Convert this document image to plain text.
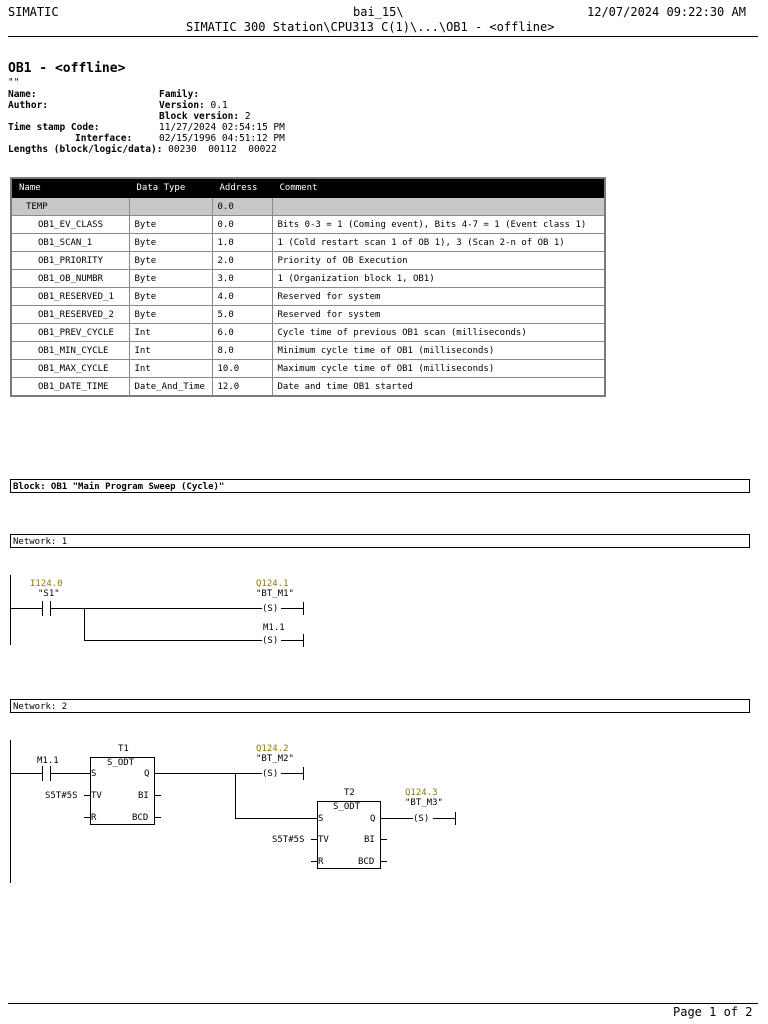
SIMATIC	bai_15\
SIMATIC 300 Station\CPU313 C(1)\...\OB1 - <offline>
12/07/2024 09:22:30 AM
OB1 - <offline>
""
Name:	Family:
Author:	Version: 0.1
Block version: 2
Time stamp Code:	11/27/2024 02:54:15 PM
Interface:	02/15/1996 04:51:12 PM
Lengths (block/logic/data): 00230  00112  00022
Name	Data Type	Address	Comment
TEMP		0.0	
OB1_EV_CLASS	Byte	0.0	Bits 0-3 = 1 (Coming event), Bits 4-7 = 1 (Event class 1)
OB1_SCAN_1	Byte	1.0	1 (Cold restart scan 1 of OB 1), 3 (Scan 2-n of OB 1)
OB1_PRIORITY	Byte	2.0	Priority of OB Execution
OB1_OB_NUMBR	Byte	3.0	1 (Organization block 1, OB1)
OB1_RESERVED_1	Byte	4.0	Reserved for system
OB1_RESERVED_2	Byte	5.0	Reserved for system
OB1_PREV_CYCLE	Int	6.0	Cycle time of previous OB1 scan (milliseconds)
OB1_MIN_CYCLE	Int	8.0	Minimum cycle time of OB1 (milliseconds)
OB1_MAX_CYCLE	Int	10.0	Maximum cycle time of OB1 (milliseconds)
OB1_DATE_TIME	Date_And_Time	12.0	Date and time OB1 started
Block: OB1 "Main Program Sweep (Cycle)"
Network: 1
I124.0
"S1"
Q124.1
"BT_M1"
(S)
M1.1
(S)
Network: 2
M1.1
T1
S_ODT
S	Q
TV	BI
R	BCD
S5T#5S
Q124.2
"BT_M2"
(S)
T2
S_ODT
S	Q
TV	BI
R	BCD
S5T#5S
Q124.3
"BT_M3"
(S)
Page 1 of 2
